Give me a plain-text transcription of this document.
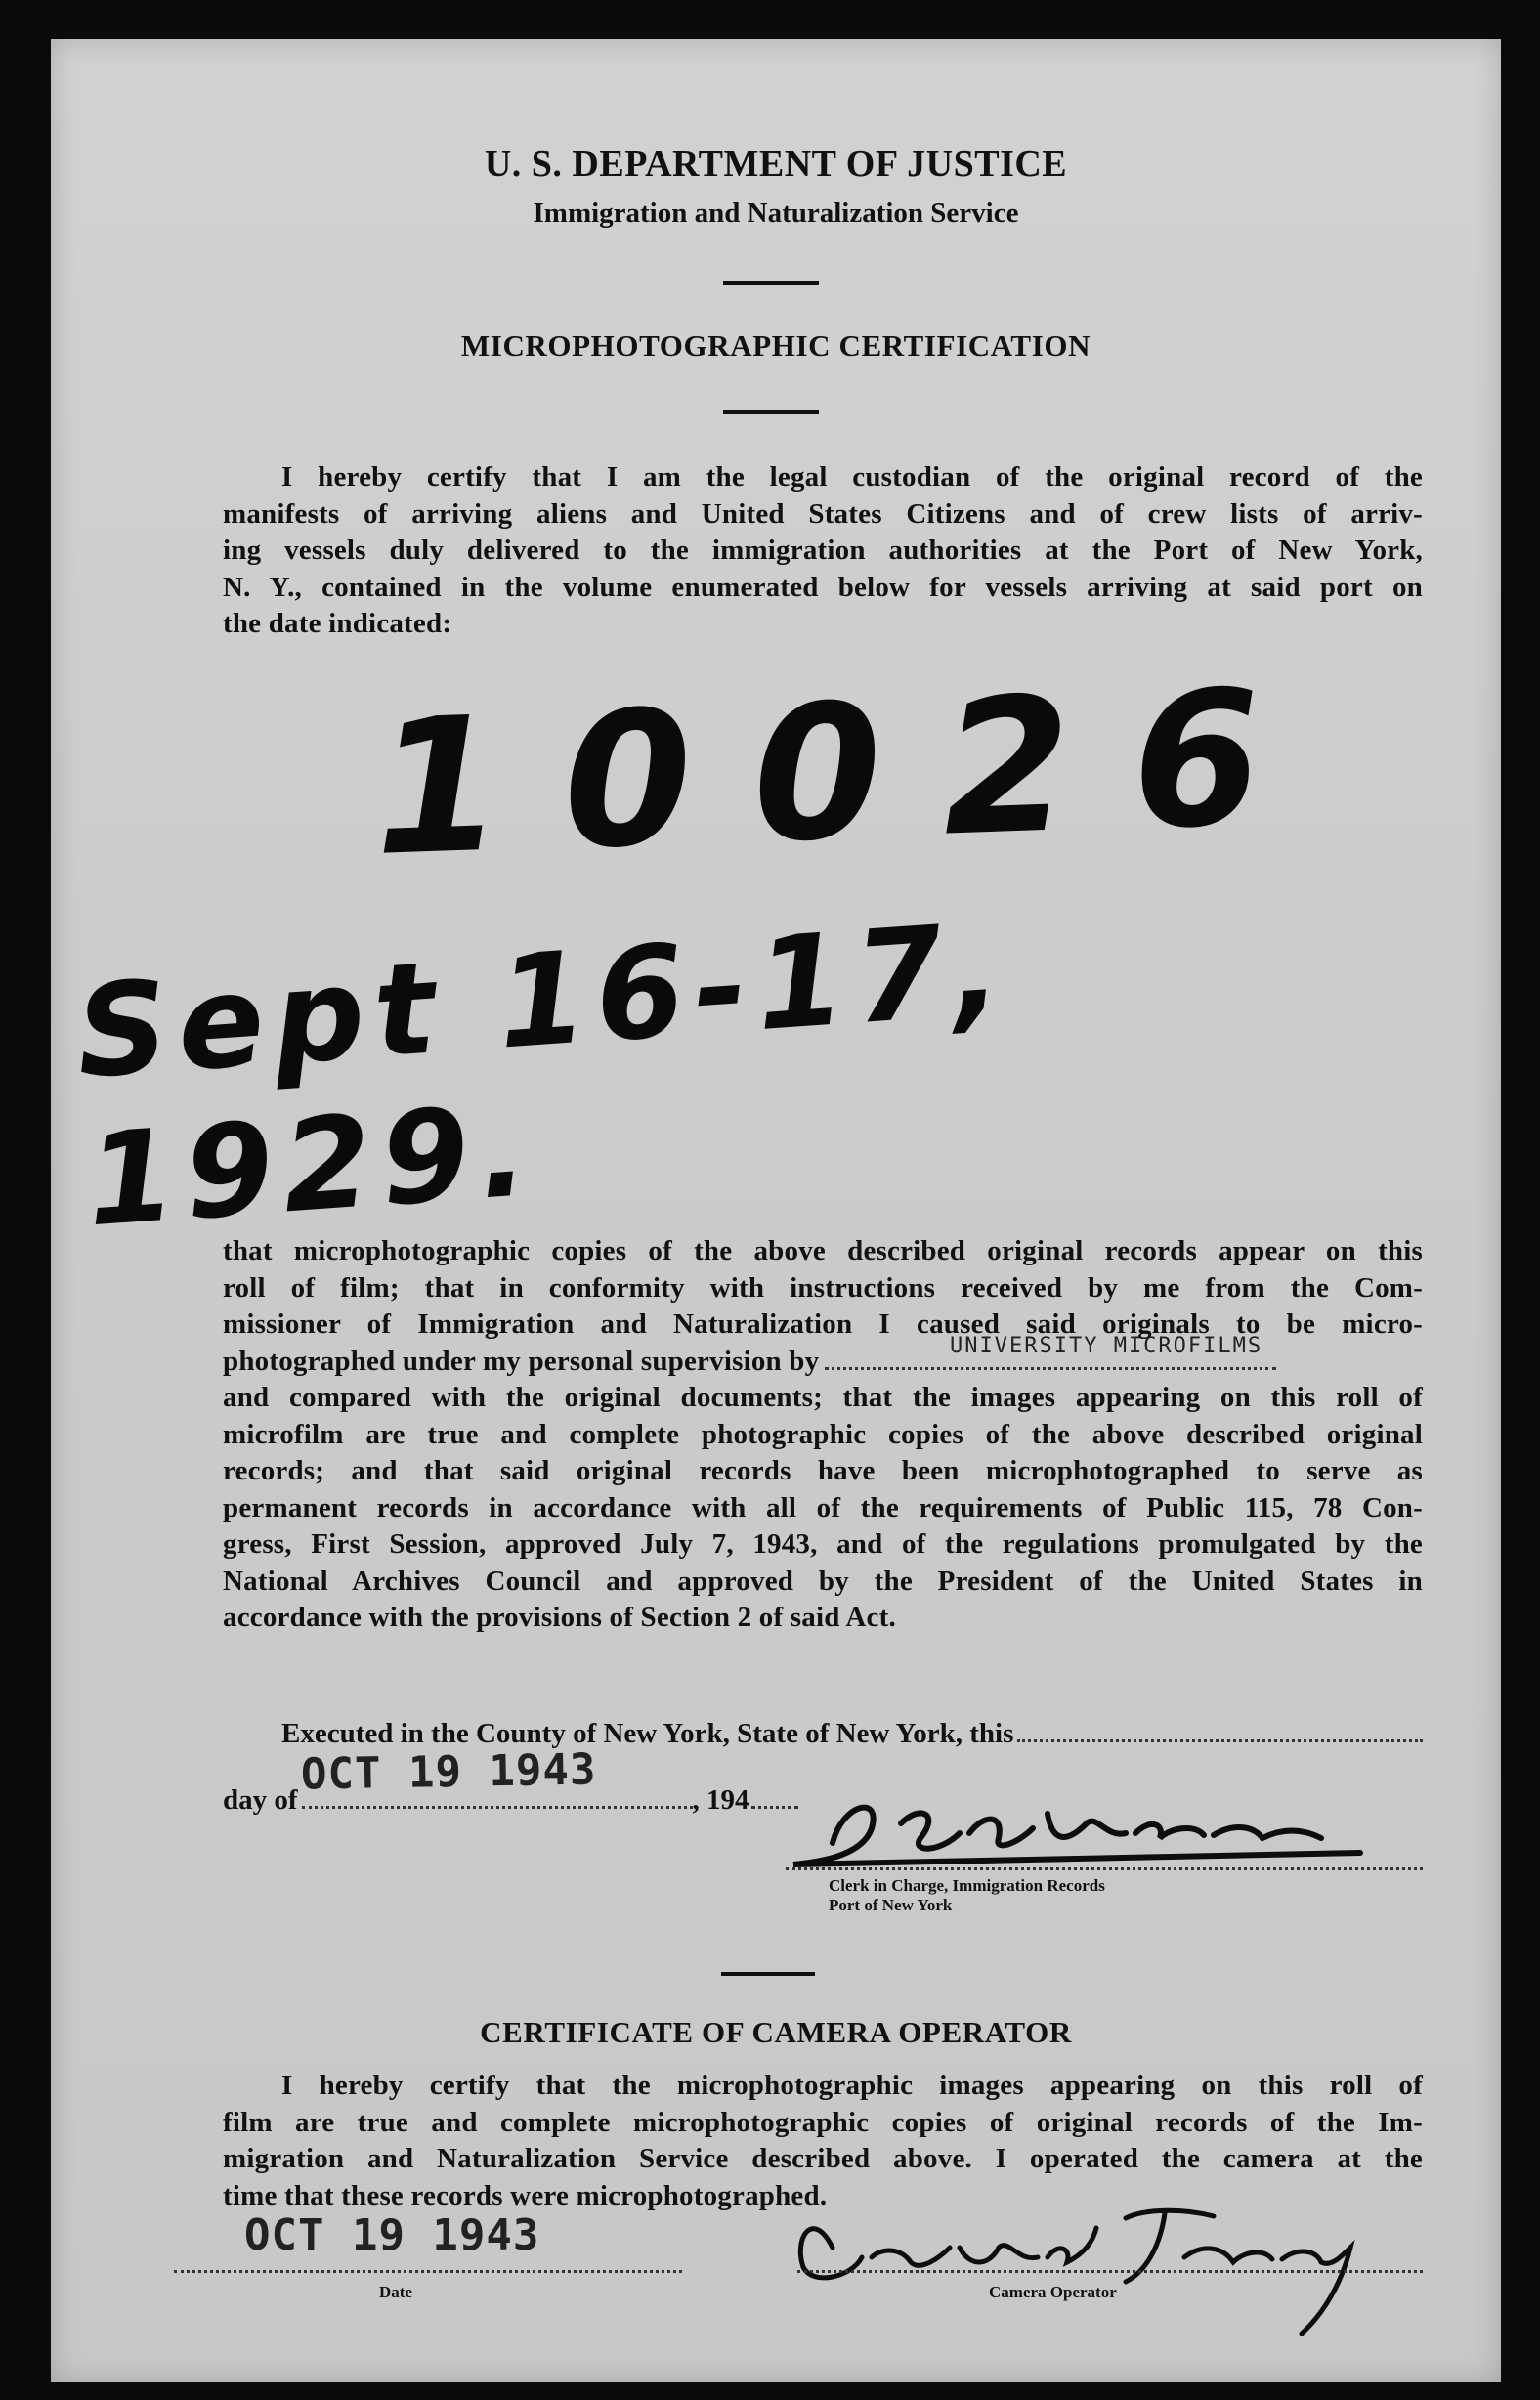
U. S. DEPARTMENT OF JUSTICE
Immigration and Naturalization Service
MICROPHOTOGRAPHIC CERTIFICATION
I hereby certify that I am the legal custodian of the original record of the
manifests of arriving aliens and United States Citizens and of crew lists of arriv-
ing vessels duly delivered to the immigration authorities at the Port of New York,
N. Y., contained in the volume enumerated below for vessels arriving at said port on
the date indicated:
10026
Sept 16-17, 1929.
that microphotographic copies of the above described original records appear on this
roll of film; that in conformity with instructions received by me from the Com-
missioner of Immigration and Naturalization I caused said originals to be micro-
photographed under my personal supervision by	UNIVERSITY MICROFILMS
and compared with the original documents; that the images appearing on this roll of
microfilm are true and complete photographic copies of the above described original
records; and that said original records have been microphotographed to serve as
permanent records in accordance with all of the requirements of Public 115, 78 Con-
gress, First Session, approved July 7, 1943, and of the regulations promulgated by the
National Archives Council and approved by the President of the United States in
accordance with the provisions of Section 2 of said Act.
Executed in the County of New York, State of New York, this
OCT 19 1943
day of	, 194
Clerk in Charge, Immigration Records
Port of New York
CERTIFICATE OF CAMERA OPERATOR
I hereby certify that the microphotographic images appearing on this roll of
film are true and complete microphotographic copies of original records of the Im-
migration and Naturalization Service described above. I operated the camera at the
time that these records were microphotographed.
OCT 19 1943
Date	Camera Operator
